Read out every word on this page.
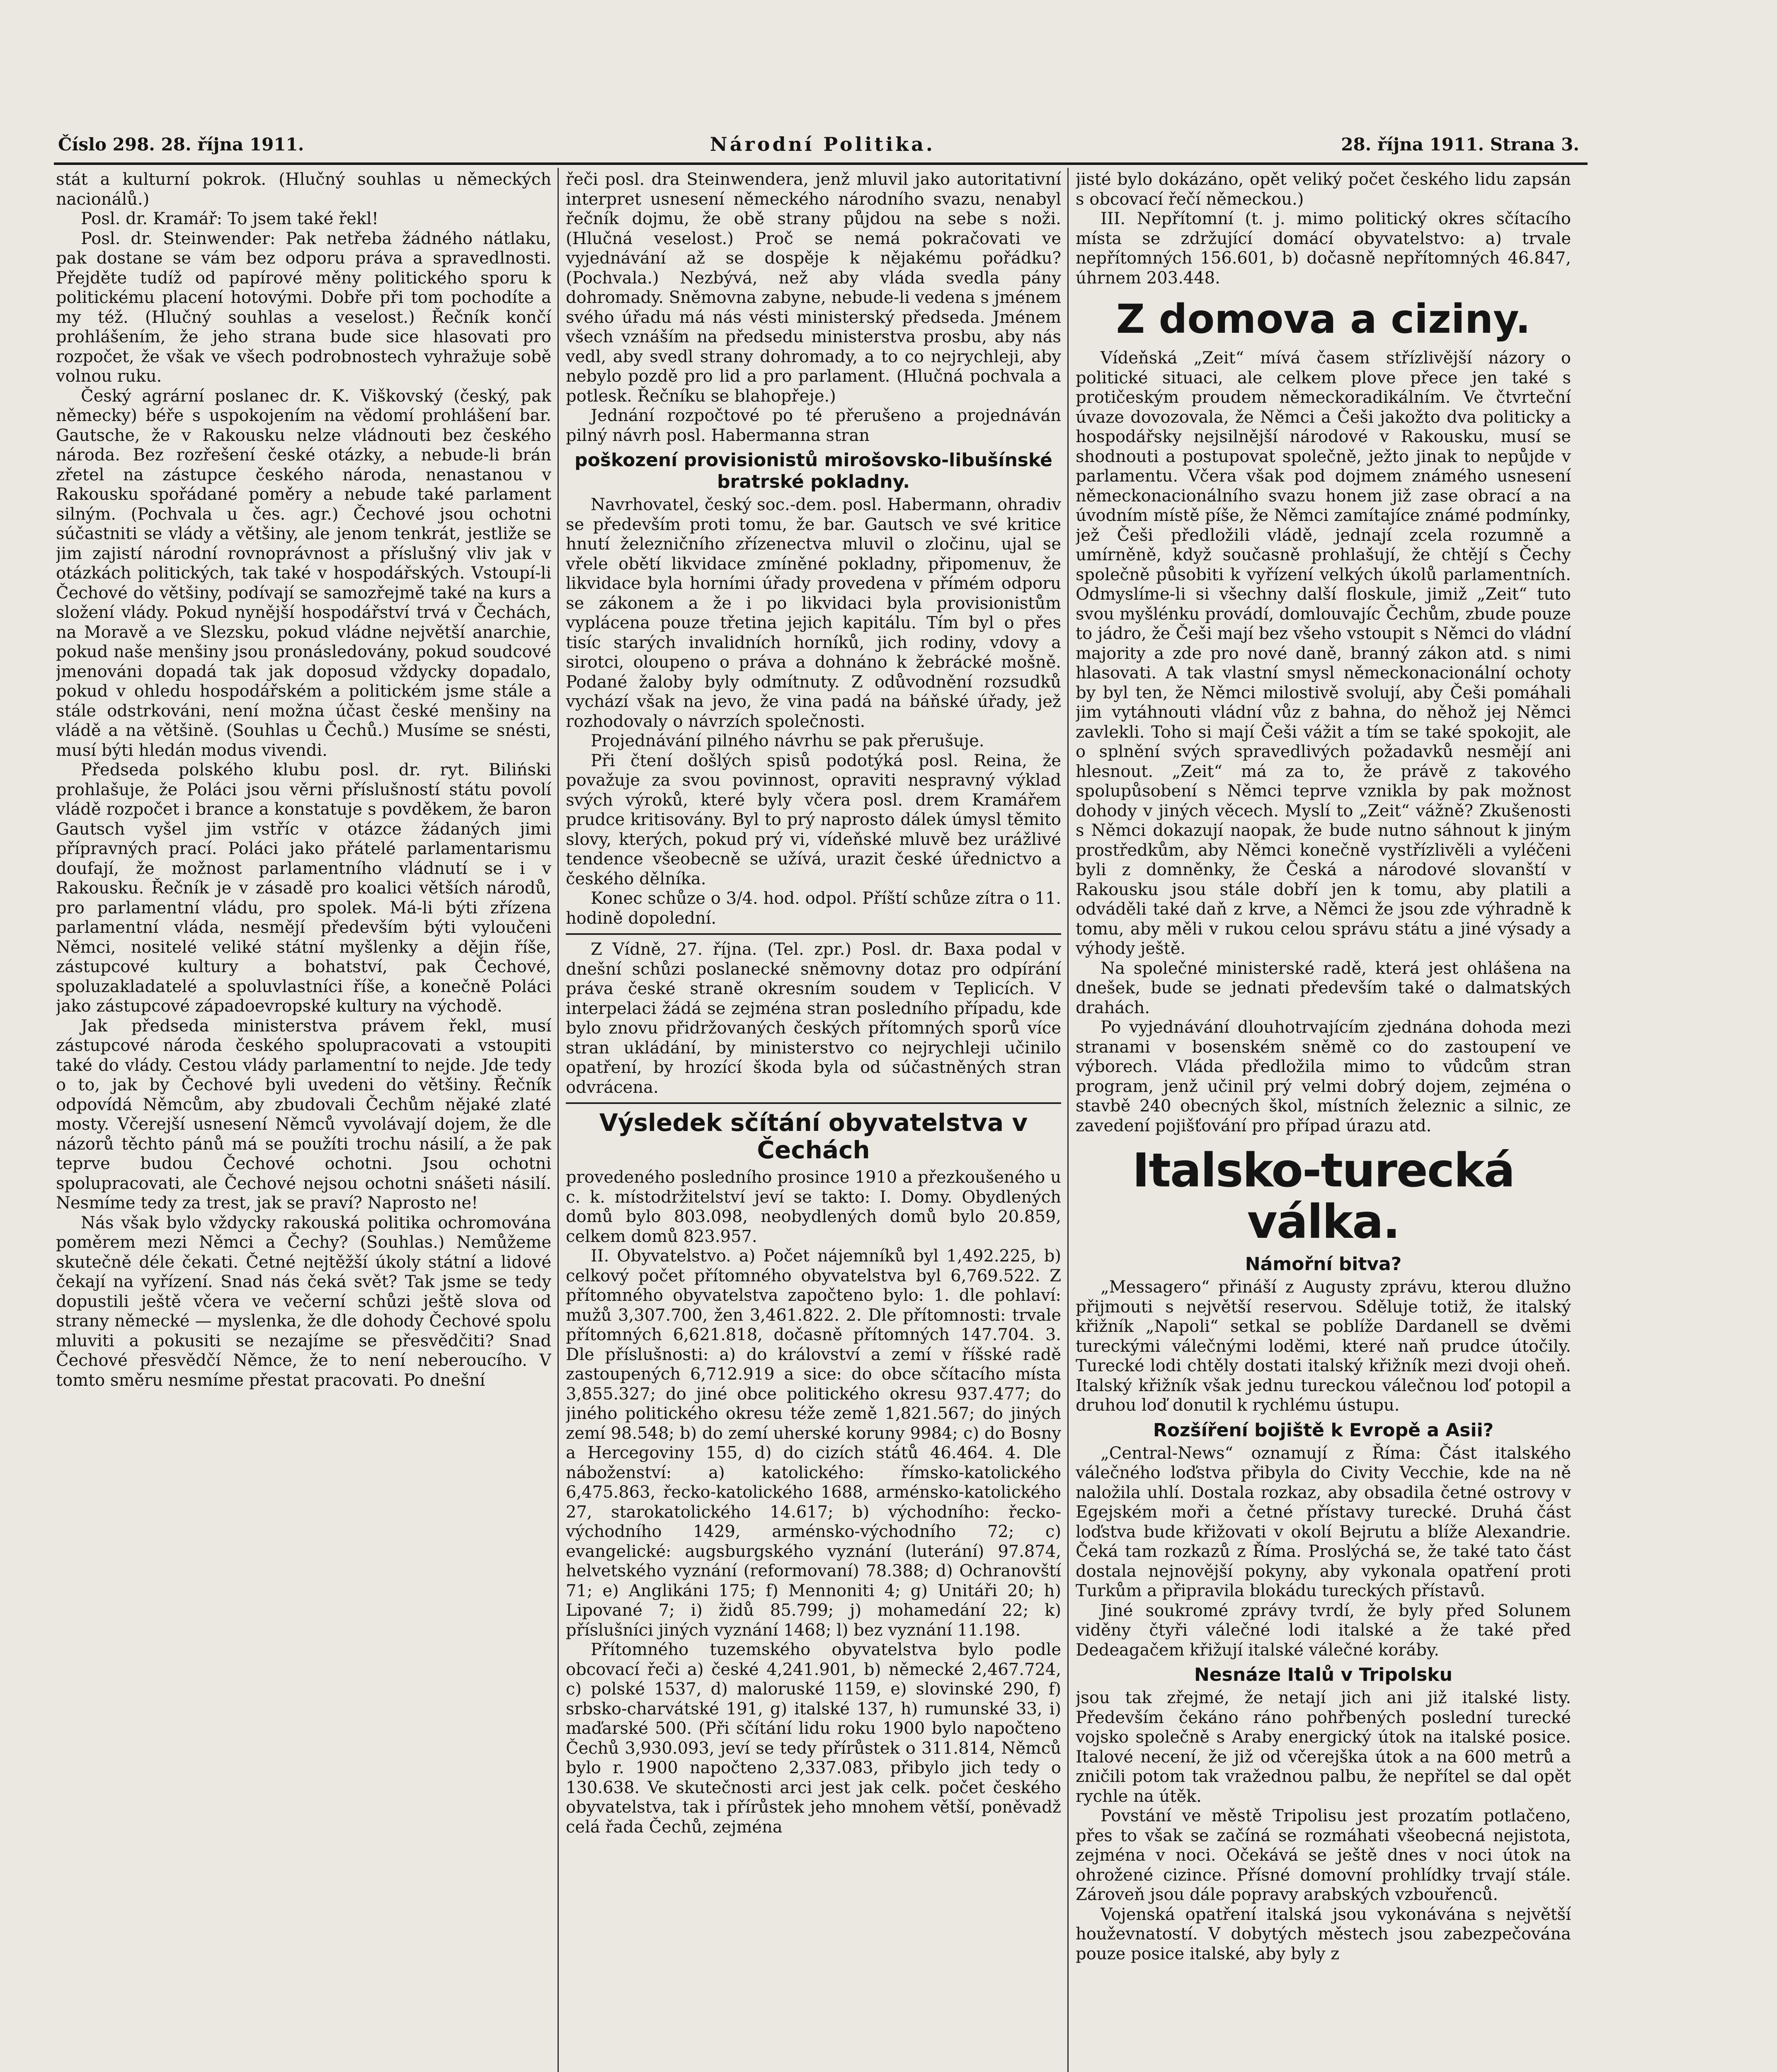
Číslo 298. 28. října 1911.	Národní Politika.	28. října 1911. Strana 3.

stát a kulturní pokrok. (Hlučný souhlas u německých nacionálů.)

Posl. dr. Kramář: To jsem také řekl!

Posl. dr. Steinwender: Pak netřeba žádného nátlaku, pak dostane se vám bez odporu práva a spravedlnosti. Přejděte tudíž od papírové měny politického sporu k politickému placení hotovými. Dobře při tom pochodíte a my též. (Hlučný souhlas a veselost.) Řečník končí prohlášením, že jeho strana bude sice hlasovati pro rozpočet, že však ve všech podrobnostech vyhražuje sobě volnou ruku.

Český agrární poslanec dr. K. Viškovský (český, pak německy) béře s uspokojením na vědomí prohlášení bar. Gautsche, že v Rakousku nelze vládnouti bez českého národa. Bez rozřešení české otázky, a nebude-li brán zřetel na zástupce českého národa, nenastanou v Rakousku spořádané poměry a nebude také parlament silným. (Pochvala u čes. agr.) Čechové jsou ochotni súčastniti se vlády a většiny, ale jenom tenkrát, jestliže se jim zajistí národní rovnoprávnost a příslušný vliv jak v otázkách politických, tak také v hospodářských. Vstoupí-li Čechové do většiny, podívají se samozřejmě také na kurs a složení vlády. Pokud nynější hospodářství trvá v Čechách, na Moravě a ve Slezsku, pokud vládne největší anarchie, pokud naše menšiny jsou pronásledovány, pokud soudcové jmenováni dopadá tak jak doposud vždycky dopadalo, pokud v ohledu hospodářském a politickém jsme stále a stále odstrkováni, není možna účast české menšiny na vládě a na většině. (Souhlas u Čechů.) Musíme se snésti, musí býti hledán modus vivendi.

Předseda polského klubu posl. dr. ryt. Biliński prohlašuje, že Poláci jsou věrni příslušností státu povolí vládě rozpočet i brance a konstatuje s povděkem, že baron Gautsch vyšel jim vstříc v otázce žádaných jimi přípravných prací. Poláci jako přátelé parlamentarismu doufají, že možnost parlamentního vládnutí se i v Rakousku. Řečník je v zásadě pro koalici větších národů, pro parlamentní vládu, pro spolek. Má-li býti zřízena parlamentní vláda, nesmějí především býti vyloučeni Němci, nositelé veliké státní myšlenky a dějin říše, zástupcové kultury a bohatství, pak Čechové, spoluzakladatelé a spoluvlastníci říše, a konečně Poláci jako zástupcové západoevropské kultury na východě.

Jak předseda ministerstva právem řekl, musí zástupcové národa českého spolupracovati a vstoupiti také do vlády. Cestou vlády parlamentní to nejde. Jde tedy o to, jak by Čechové byli uvedeni do většiny. Řečník odpovídá Němcům, aby zbudovali Čechům nějaké zlaté mosty. Včerejší usnesení Němců vyvolávají dojem, že dle názorů těchto pánů má se použíti trochu násilí, a že pak teprve budou Čechové ochotni. Jsou ochotni spolupracovati, ale Čechové nejsou ochotni snášeti násilí. Nesmíme tedy za trest, jak se praví? Naprosto ne!

Nás však bylo vždycky rakouská politika ochromována poměrem mezi Němci a Čechy? (Souhlas.) Nemůžeme skutečně déle čekati. Četné nejtěžší úkoly státní a lidové čekají na vyřízení. Snad nás čeká svět? Tak jsme se tedy dopustili ještě včera ve večerní schůzi ještě slova od strany německé — myslenka, že dle dohody Čechové spolu mluviti a pokusiti se nezajíme se přesvědčiti? Snad Čechové přesvědčí Němce, že to není neberoucího. V tomto směru nesmíme přestat pracovati. Po dnešní

řeči posl. dra Steinwendera, jenž mluvil jako autoritativní interpret usnesení německého národního svazu, nenabyl řečník dojmu, že obě strany půjdou na sebe s noži. (Hlučná veselost.) Proč se nemá pokračovati ve vyjednávání až se dospěje k nějakému pořádku? (Pochvala.) Nezbývá, než aby vláda svedla pány dohromady. Sněmovna zabyne, nebude-li vedena s jménem svého úřadu má nás vésti ministerský předseda. Jménem všech vznáším na předsedu ministerstva prosbu, aby nás vedl, aby svedl strany dohromady, a to co nejrychleji, aby nebylo pozdě pro lid a pro parlament. (Hlučná pochvala a potlesk. Řečníku se blahopřeje.)

Jednání rozpočtové po té přerušeno a projednáván pilný návrh posl. Habermanna stran

poškození provisionistů mirošovsko-libušínské bratrské pokladny.

Navrhovatel, český soc.-dem. posl. Habermann, ohradiv se především proti tomu, že bar. Gautsch ve své kritice hnutí železničního zřízenectva mluvil o zločinu, ujal se vřele obětí likvidace zmíněné pokladny, připomenuv, že likvidace byla horními úřady provedena v přímém odporu se zákonem a že i po likvidaci byla provisionistům vyplácena pouze třetina jejich kapitálu. Tím byl o přes tisíc starých invalidních horníků, jich rodiny, vdovy a sirotci, oloupeno o práva a dohnáno k žebrácké mošně. Podané žaloby byly odmítnuty. Z odůvodnění rozsudků vychází však na jevo, že vina padá na báňské úřady, jež rozhodovaly o návrzích společnosti.

Projednávání pilného návrhu se pak přerušuje.

Při čtení došlých spisů podotýká posl. Reina, že považuje za svou povinnost, opraviti nespravný výklad svých výroků, které byly včera posl. drem Kramářem prudce kritisovány. Byl to prý naprosto dálek úmysl těmito slovy, kterých, pokud prý vi, vídeňské mluvě bez urážlivé tendence všeobecně se užívá, urazit české úřednictvo a českého dělníka.

Konec schůze o 3/4. hod. odpol. Příští schůze zítra o 11. hodině dopolední.

Z Vídně, 27. října. (Tel. zpr.) Posl. dr. Baxa podal v dnešní schůzi poslanecké sněmovny dotaz pro odpírání práva české straně okresním soudem v Teplicích. V interpelaci žádá se zejména stran posledního případu, kde bylo znovu přidržovaných českých přítomných sporů více stran ukládání, by ministerstvo co nejrychleji učinilo opatření, by hrozící škoda byla od súčastněných stran odvrácena.

Výsledek sčítání obyvatelstva v Čechách

provedeného posledního prosince 1910 a přezkoušeného u c. k. místodržitelství jeví se takto: I. Domy. Obydlených domů bylo 803.098, neobydlených domů bylo 20.859, celkem domů 823.957.

II. Obyvatelstvo. a) Počet nájemníků byl 1,492.225, b) celkový počet přítomného obyvatelstva byl 6,769.522. Z přítomného obyvatelstva započteno bylo: 1. dle pohlaví: mužů 3,307.700, žen 3,461.822. 2. Dle přítomnosti: trvale přítomných 6,621.818, dočasně přítomných 147.704. 3. Dle příslušnosti: a) do království a zemí v říšské radě zastoupených 6,712.919 a sice: do obce sčítacího místa 3,855.327; do jiné obce politického okresu 937.477; do jiného politického okresu téže země 1,821.567; do jiných zemí 98.548; b) do zemí uherské koruny 9984; c) do Bosny a Hercegoviny 155, d) do cizích států 46.464. 4. Dle náboženství: a) katolického: římsko-katolického 6,475.863, řecko-katolického 1688, arménsko-katolického 27, starokatolického 14.617; b) východního: řecko-východního 1429, arménsko-východního 72; c) evangelické: augsburgského vyznání (luterání) 97.874, helvetského vyznání (reformovaní) 78.388; d) Ochranovští 71; e) Anglikáni 175; f) Mennoniti 4; g) Unitáři 20; h) Lipované 7; i) židů 85.799; j) mohamedání 22; k) příslušníci jiných vyznání 1468; l) bez vyznání 11.198.

Přítomného tuzemského obyvatelstva bylo podle obcovací řeči a) české 4,241.901, b) německé 2,467.724, c) polské 1537, d) maloruské 1159, e) slovinské 290, f) srbsko-charvátské 191, g) italské 137, h) rumunské 33, i) maďarské 500. (Při sčítání lidu roku 1900 bylo napočteno Čechů 3,930.093, jeví se tedy přírůstek o 311.814, Němců bylo r. 1900 napočteno 2,337.083, přibylo jich tedy o 130.638. Ve skutečnosti arci jest jak celk. počet českého obyvatelstva, tak i přírůstek jeho mnohem větší, poněvadž celá řada Čechů, zejména

jisté bylo dokázáno, opět veliký počet českého lidu zapsán s obcovací řečí německou.)

III. Nepřítomní (t. j. mimo politický okres sčítacího místa se zdržující domácí obyvatelstvo: a) trvale nepřítomných 156.601, b) dočasně nepřítomných 46.847, úhrnem 203.448.

Z domova a ciziny.

Vídeňská „Zeit“ mívá časem střízlivější názory o politické situaci, ale celkem plove přece jen také s protičeským proudem německoradikálním. Ve čtvrteční úvaze dovozovala, že Němci a Češi jakožto dva politicky a hospodářsky nejsilnější národové v Rakousku, musí se shodnouti a postupovat společně, ježto jinak to nepůjde v parlamentu. Včera však pod dojmem známého usnesení německonacionálního svazu honem již zase obrací a na úvodním místě píše, že Němci zamítajíce známé podmínky, jež Češi předložili vládě, jednají zcela rozumně a umírněně, když současně prohlašují, že chtějí s Čechy společně působiti k vyřízení velkých úkolů parlamentních. Odmyslíme-li si všechny další floskule, jimiž „Zeit“ tuto svou myšlénku provádí, domlouvajíc Čechům, zbude pouze to jádro, že Češi mají bez všeho vstoupit s Němci do vládní majority a zde pro nové daně, branný zákon atd. s nimi hlasovati. A tak vlastní smysl německonacionální ochoty by byl ten, že Němci milostivě svolují, aby Češi pomáhali jim vytáhnouti vládní vůz z bahna, do něhož jej Němci zavlekli. Toho si mají Češi vážit a tím se také spokojit, ale o splnění svých spravedlivých požadavků nesmějí ani hlesnout. „Zeit“ má za to, že právě z takového spolupůsobení s Němci teprve vznikla by pak možnost dohody v jiných věcech. Myslí to „Zeit“ vážně? Zkušenosti s Němci dokazují naopak, že bude nutno sáhnout k jiným prostředkům, aby Němci konečně vystřízlivěli a vyléčeni byli z domněnky, že Česká a národové slovanští v Rakousku jsou stále dobří jen k tomu, aby platili a odváděli také daň z krve, a Němci že jsou zde výhradně k tomu, aby měli v rukou celou správu státu a jiné výsady a výhody ještě.

Na společné ministerské radě, která jest ohlášena na dnešek, bude se jednati především také o dalmatských drahách.

Po vyjednávání dlouhotrvajícím zjednána dohoda mezi stranami v bosenském sněmě co do zastoupení ve výborech. Vláda předložila mimo to vůdcům stran program, jenž učinil prý velmi dobrý dojem, zejména o stavbě 240 obecných škol, místních železnic a silnic, ze zavedení pojišťování pro případ úrazu atd.

Italsko-turecká válka.
Námořní bitva?

„Messagero“ přináší z Augusty zprávu, kterou dlužno přijmouti s největší reservou. Sděluje totiž, že italský křižník „Napoli“ setkal se poblíže Dardanell se dvěmi tureckými válečnými loděmi, které naň prudce útočily. Turecké lodi chtěly dostati italský křižník mezi dvoji oheň. Italský křižník však jednu tureckou válečnou loď potopil a druhou loď donutil k rychlému ústupu.

Rozšíření bojiště k Evropě a Asii?

„Central-News“ oznamují z Říma: Část italského válečného loďstva přibyla do Civity Vecchie, kde na ně naložila uhlí. Dostala rozkaz, aby obsadila četné ostrovy v Egejském moři a četné přístavy turecké. Druhá část loďstva bude křižovati v okolí Bejrutu a blíže Alexandrie. Čeká tam rozkazů z Říma. Proslýchá se, že také tato část dostala nejnovější pokyny, aby vykonala opatření proti Turkům a připravila blokádu tureckých přístavů.

Jiné soukromé zprávy tvrdí, že byly před Solunem viděny čtyři válečné lodi italské a že také před Dedeagačem křižují italské válečné koráby.

Nesnáze Italů v Tripolsku

jsou tak zřejmé, že netají jich ani již italské listy. Především čekáno ráno pohřbených poslední turecké vojsko společně s Araby energický útok na italské posice. Italové necení, že již od včerejška útok a na 600 metrů a zničili potom tak vražednou palbu, že nepřítel se dal opět rychle na útěk.

Povstání ve městě Tripolisu jest prozatím potlačeno, přes to však se začíná se rozmáhati všeobecná nejistota, zejména v noci. Očekává se ještě dnes v noci útok na ohrožené cizince. Přísné domovní prohlídky trvají stále. Zároveň jsou dále popravy arabských vzbouřenců.

Vojenská opatření italská jsou vykonávána s největší houževnatostí. V dobytých městech jsou zabezpečována pouze posice italské, aby byly z
